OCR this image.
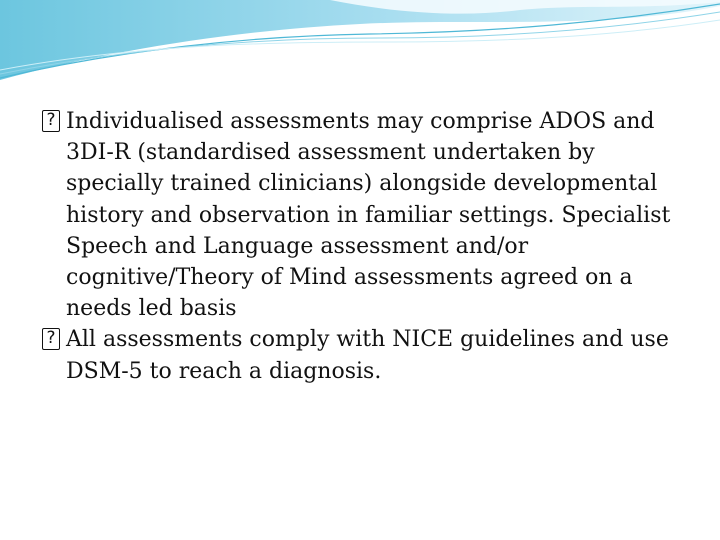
? Individualised assessments may comprise ADOS and 3DI-R (standardised assessment undertaken by specially trained clinicians) alongside developmental history and observation in familiar settings. Specialist Speech and Language assessment and/or cognitive/Theory of Mind assessments agreed on a needs led basis

? All assessments comply with NICE guidelines and use DSM-5 to reach a diagnosis.
